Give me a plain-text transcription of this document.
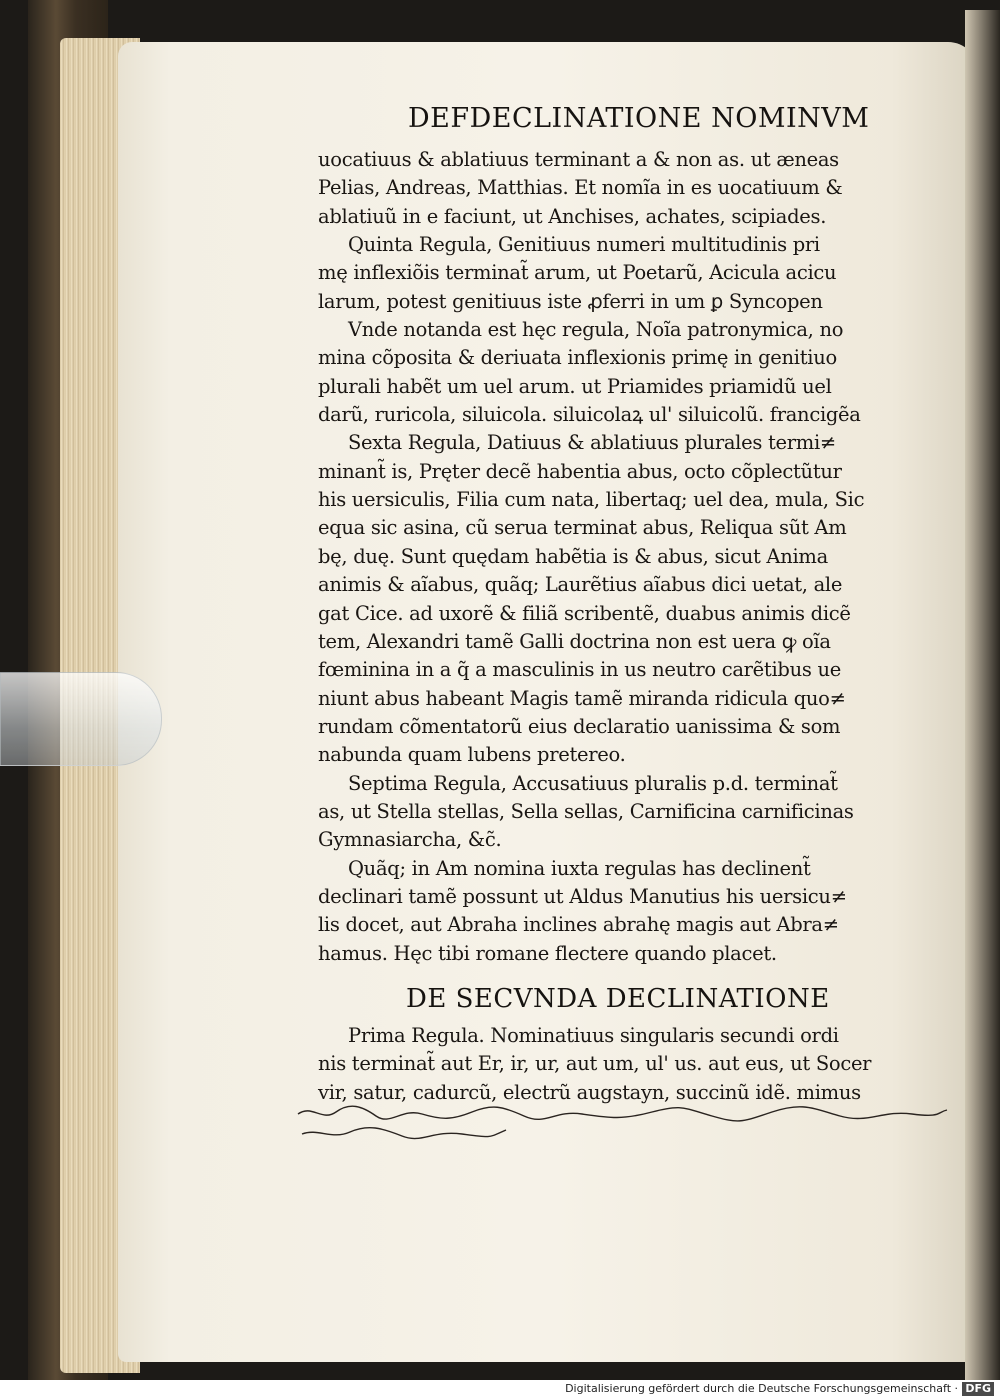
DEFDECLINATIONE NOMINVM
uocatiuus & ablatiuus terminant a & non as. ut æneas
Pelias, Andreas, Matthias. Et nomĩa in es uocatiuum &
ablatiuũ in e faciunt, ut Anchises, achates, scipiades.
Quinta Regula, Genitiuus numeri multitudinis pri
mę inflexiõis terminat̃ arum, ut Poetarũ, Acicula acicu
larum, potest genitiuus iste ꝓferri in um ꝑ Syncopen
Vnde notanda est hęc regula, Noĩa patronymica, no
mina cõposita & deriuata inflexionis primę in genitiuo
plurali habẽt um uel arum. ut Priamides priamidũ uel
darũ, ruricola, siluicola. siluicolaꝝ ul' siluicolũ. francigẽa
Sexta Regula, Datiuus & ablatiuus plurales termi≠
minant̃ is, Pręter decẽ habentia abus, octo cõplectũtur
his uersiculis, Filia cum nata, libertaq; uel dea, mula, Sic
equa sic asina, cũ serua terminat abus, Reliqua sũt Am
bę, duę. Sunt quędam habẽtia is & abus, sicut Anima
animis & aĩabus, quãq; Laurẽtius aĩabus dici uetat, ale
gat Cice. ad uxorẽ & filiã scribentẽ, duabus animis dicẽ
tem, Alexandri tamẽ Galli doctrina non est uera ꝙ oĩa
fœminina in a q̃ a masculinis in us neutro carẽtibus ue
niunt abus habeant Magis tamẽ miranda ridicula quo≠
rundam cõmentatorũ eius declaratio uanissima & som
nabunda quam lubens pretereo.
Septima Regula, Accusatiuus pluralis p.d. terminat̃
as, ut Stella stellas, Sella sellas, Carnificina carnificinas
Gymnasiarcha, &c̃.
Quãq; in Am nomina iuxta regulas has declinent̃
declinari tamẽ possunt ut Aldus Manutius his uersicu≠
lis docet, aut Abraha inclines abrahę magis aut Abra≠
hamus. Hęc tibi romane flectere quando placet.
DE SECVNDA DECLINATIONE
Prima Regula. Nominatiuus singularis secundi ordi
nis terminat̃ aut Er, ir, ur, aut um, ul' us. aut eus, ut Socer
vir, satur, cadurcũ, electrũ augstayn, succinũ idẽ. mimus
Digitalisierung gefördert durch die Deutsche Forschungsgemeinschaft · DFG
